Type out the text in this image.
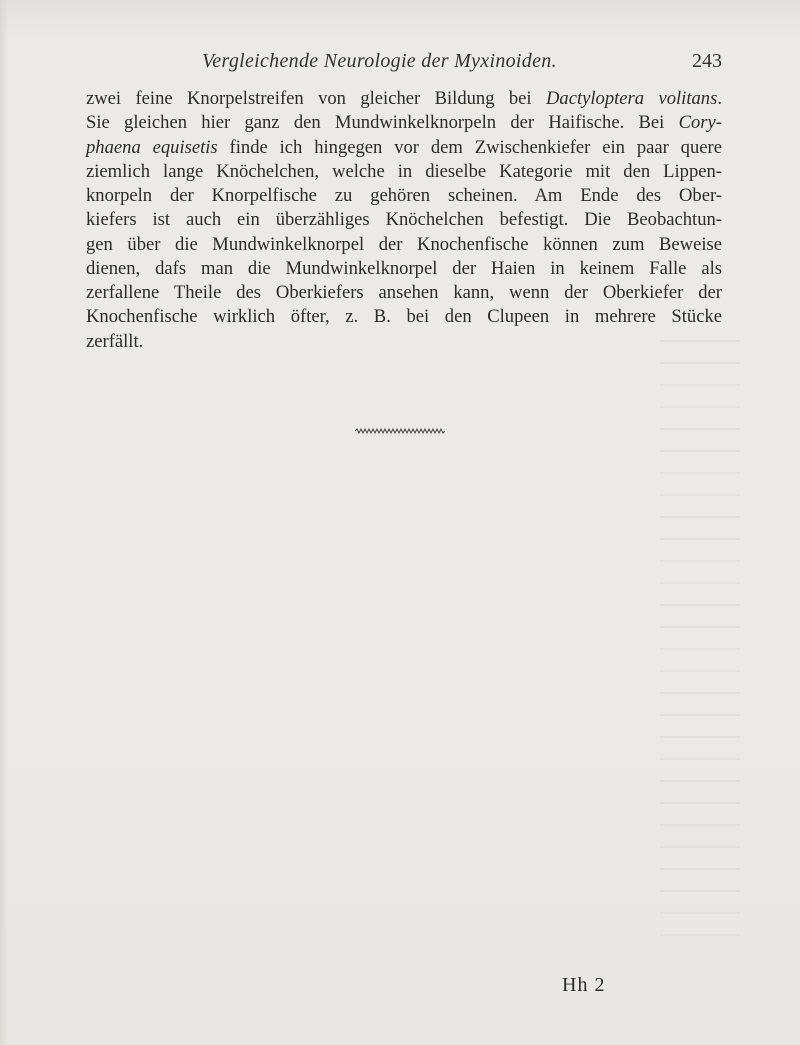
Vergleichende Neurologie der Myxinoiden.	243
zwei feine Knorpelstreifen von gleicher Bildung bei Dactyloptera volitans.
Sie gleichen hier ganz den Mundwinkelknorpeln der Haifische. Bei Cory-
phaena equisetis finde ich hingegen vor dem Zwischenkiefer ein paar quere
ziemlich lange Knöchelchen, welche in dieselbe Kategorie mit den Lippen-
knorpeln der Knorpelfische zu gehören scheinen. Am Ende des Ober-
kiefers ist auch ein überzähliges Knöchelchen befestigt. Die Beobachtun-
gen über die Mundwinkelknorpel der Knochenfische können zum Beweise
dienen, dafs man die Mundwinkelknorpel der Haien in keinem Falle als
zerfallene Theile des Oberkiefers ansehen kann, wenn der Oberkiefer der
Knochenfische wirklich öfter, z. B. bei den Clupeen in mehrere Stücke
zerfällt.
Hh 2
